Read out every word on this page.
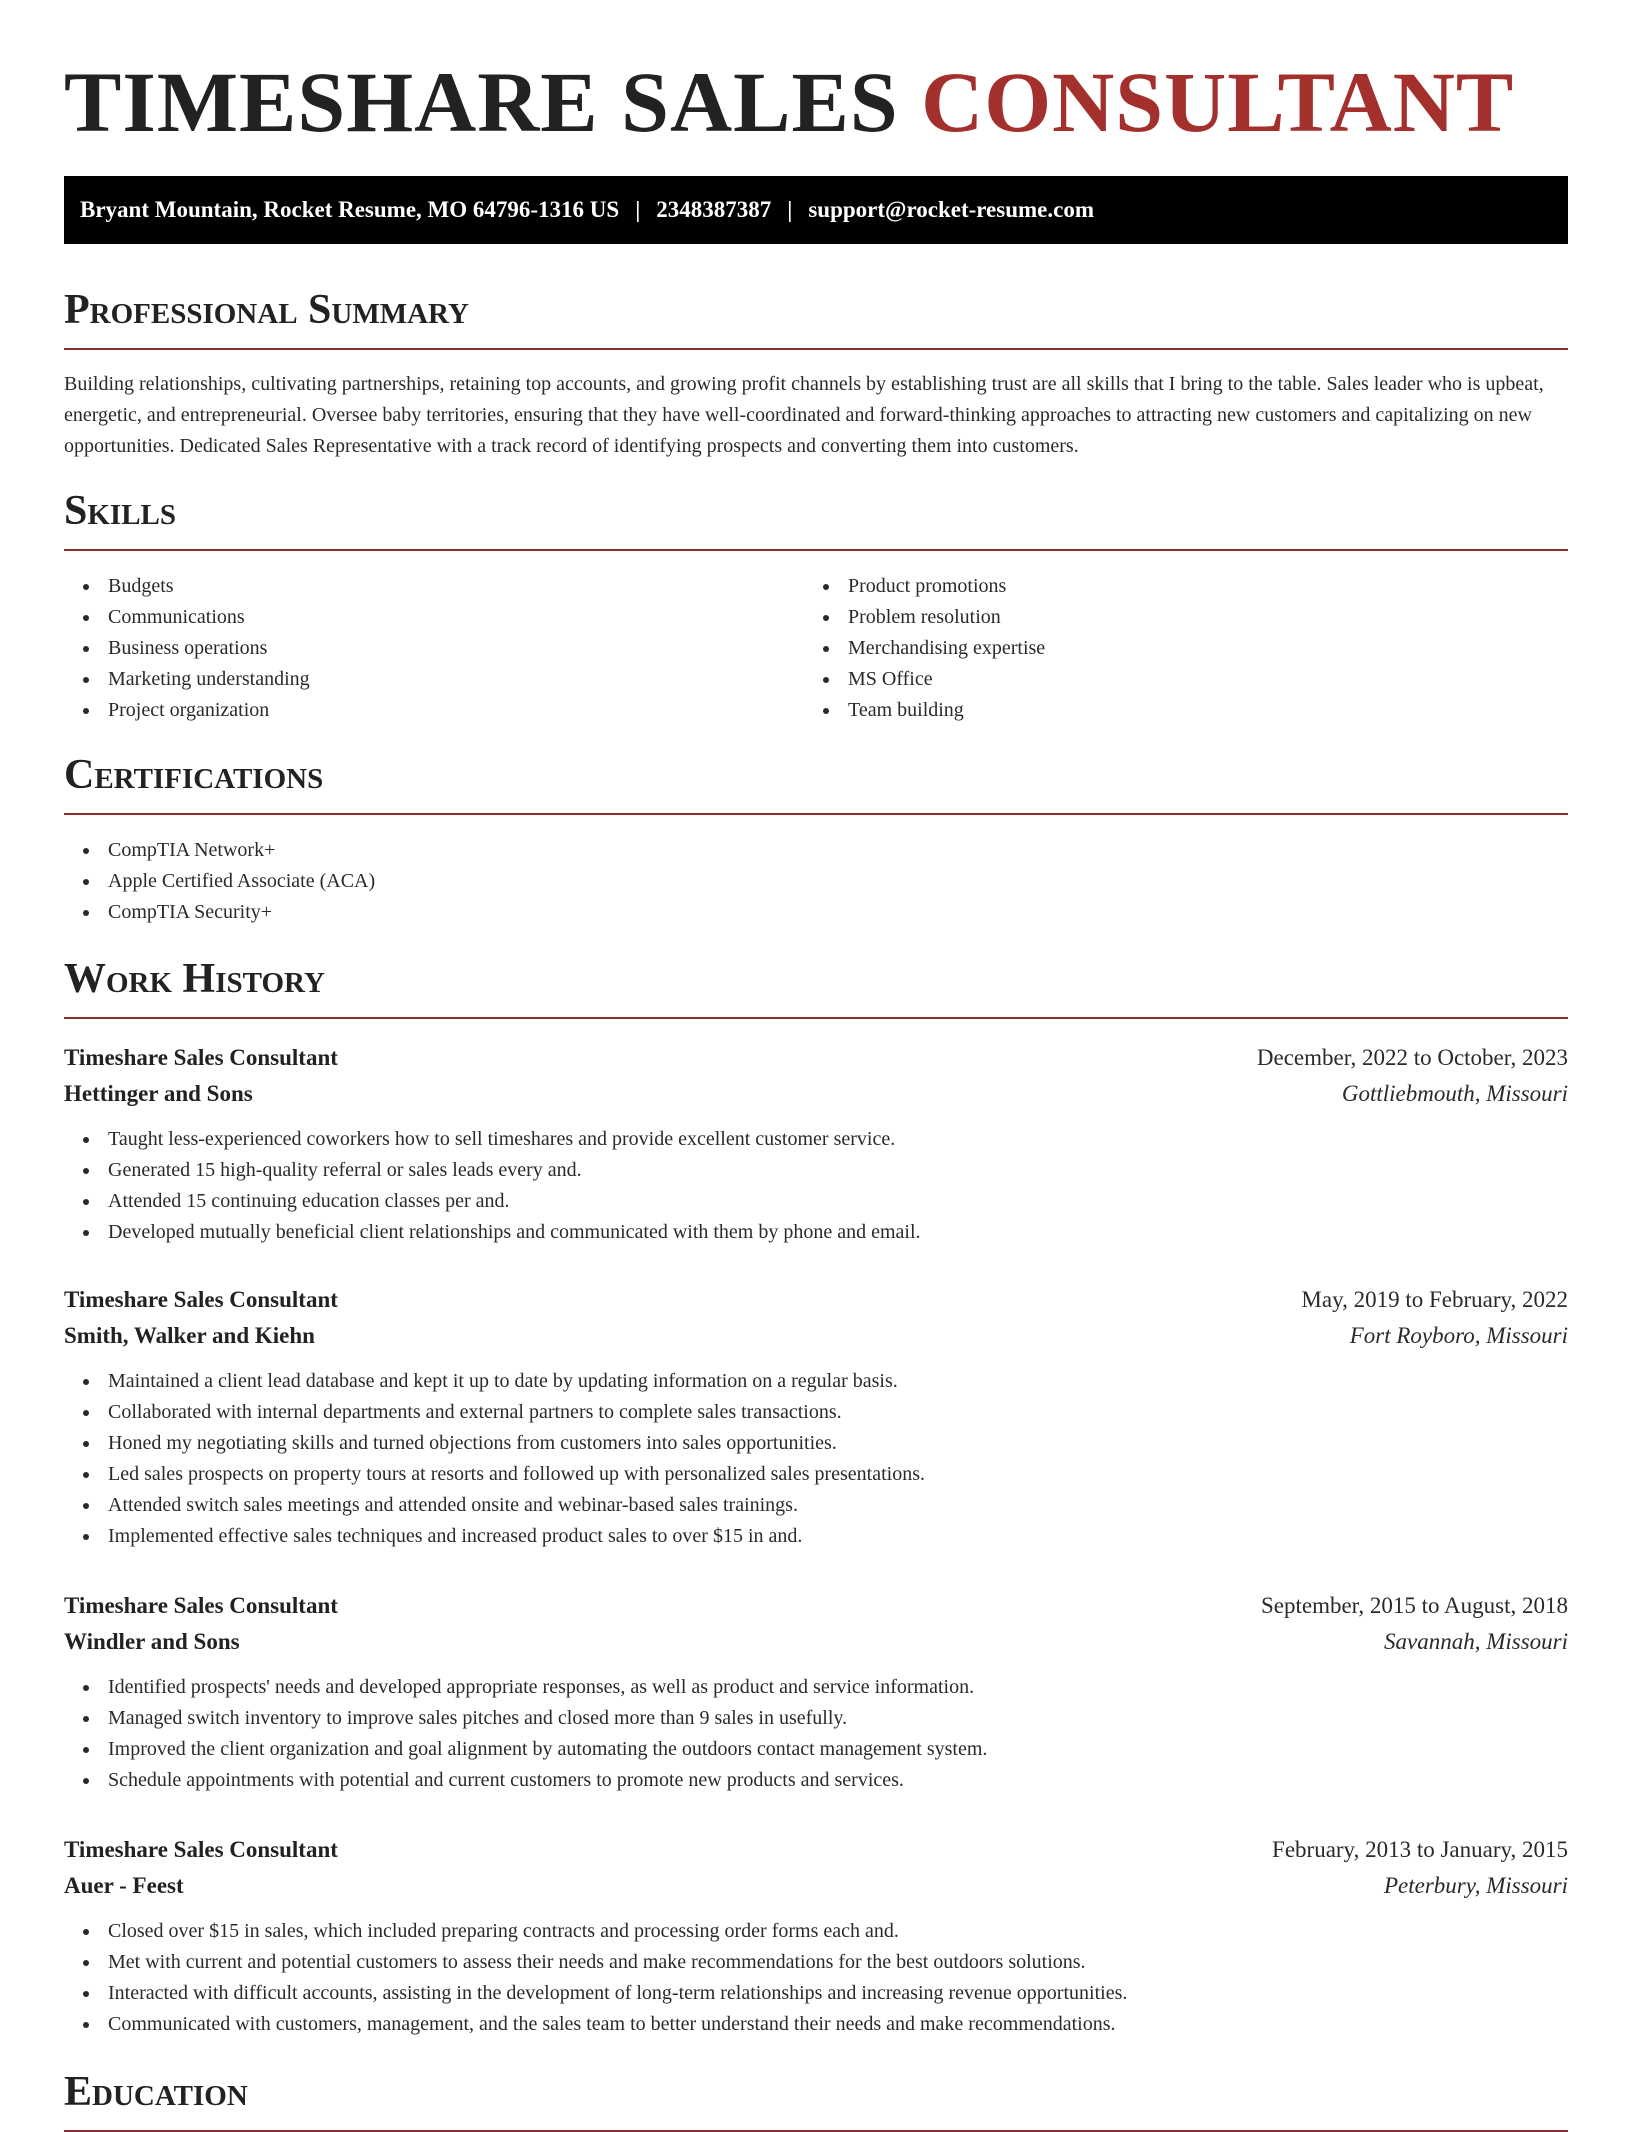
TIMESHARE SALES CONSULTANT
Bryant Mountain, Rocket Resume, MO 64796-1316 US | 2348387387 | support@rocket-resume.com
Professional Summary

Building relationships, cultivating partnerships, retaining top accounts, and growing profit channels by establishing trust are all skills that I bring to the table. Sales leader who is upbeat, energetic, and entrepreneurial. Oversee baby territories, ensuring that they have well-coordinated and forward-thinking approaches to attracting new customers and capitalizing on new opportunities. Dedicated Sales Representative with a track record of identifying prospects and converting them into customers.

Skills
Budgets
Communications
Business operations
Marketing understanding
Project organization
Product promotions
Problem resolution
Merchandising expertise
MS Office
Team building
Certifications
CompTIA Network+
Apple Certified Associate (ACA)
CompTIA Security+
Work History
Timeshare Sales Consultant	December, 2022 to October, 2023
Hettinger and Sons	Gottliebmouth, Missouri
Taught less-experienced coworkers how to sell timeshares and provide excellent customer service.
Generated 15 high-quality referral or sales leads every and.
Attended 15 continuing education classes per and.
Developed mutually beneficial client relationships and communicated with them by phone and email.
Timeshare Sales Consultant	May, 2019 to February, 2022
Smith, Walker and Kiehn	Fort Royboro, Missouri
Maintained a client lead database and kept it up to date by updating information on a regular basis.
Collaborated with internal departments and external partners to complete sales transactions.
Honed my negotiating skills and turned objections from customers into sales opportunities.
Led sales prospects on property tours at resorts and followed up with personalized sales presentations.
Attended switch sales meetings and attended onsite and webinar-based sales trainings.
Implemented effective sales techniques and increased product sales to over $15 in and.
Timeshare Sales Consultant	September, 2015 to August, 2018
Windler and Sons	Savannah, Missouri
Identified prospects' needs and developed appropriate responses, as well as product and service information.
Managed switch inventory to improve sales pitches and closed more than 9 sales in usefully.
Improved the client organization and goal alignment by automating the outdoors contact management system.
Schedule appointments with potential and current customers to promote new products and services.
Timeshare Sales Consultant	February, 2013 to January, 2015
Auer - Feest	Peterbury, Missouri
Closed over $15 in sales, which included preparing contracts and processing order forms each and.
Met with current and potential customers to assess their needs and make recommendations for the best outdoors solutions.
Interacted with difficult accounts, assisting in the development of long-term relationships and increasing revenue opportunities.
Communicated with customers, management, and the sales team to better understand their needs and make recommendations.
Education
